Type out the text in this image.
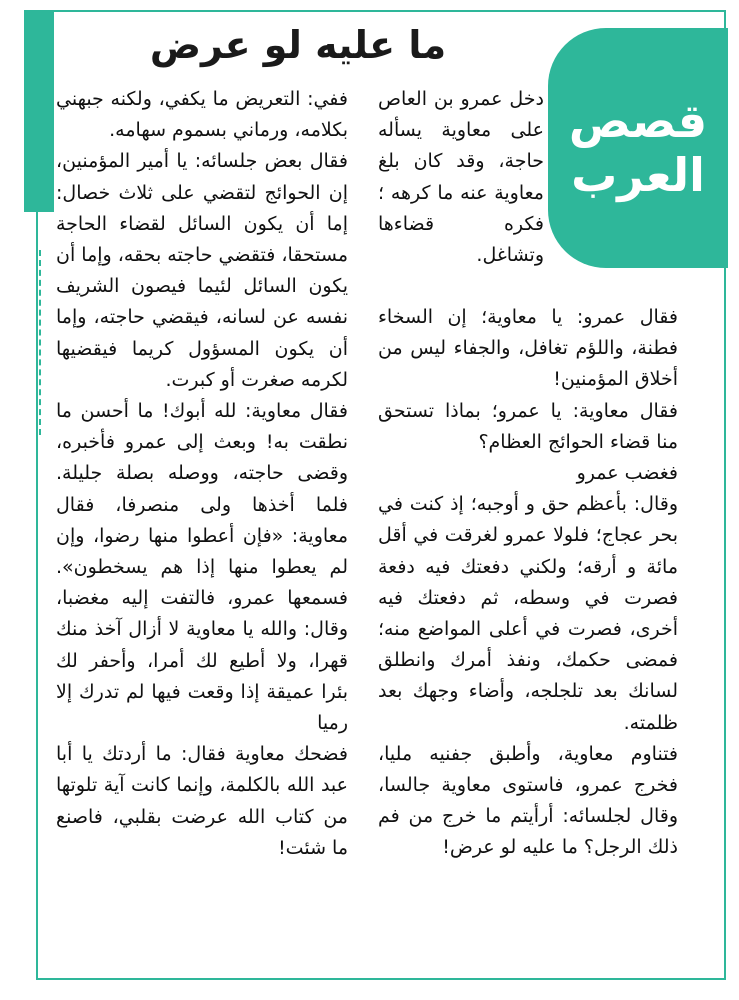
ما عليه لو عرض
قصص
العرب

دخل عمرو بن العاص على معاوية يسأله حاجة، وقد كان بلغ معاوية عنه ما كرهه ؛ فكره قضاءها وتشاغل.

فقال عمرو: يا معاوية؛ إن السخاء فطنة، واللؤم تغافل، والجفاء ليس من أخلاق المؤمنين!

فقال معاوية: يا عمرو؛ بماذا تستحق منا قضاء الحوائج العظام؟

فغضب عمرو

وقال: بأعظم حق و أوجبه؛ إذ كنت في بحر عجاج؛ فلولا عمرو لغرقت في أقل مائة و أرقه؛ ولكني دفعتك فيه دفعة فصرت في وسطه، ثم دفعتك فيه أخرى، فصرت في أعلى المواضع منه؛ فمضى حكمك، ونفذ أمرك وانطلق لسانك بعد تلجلجه، وأضاء وجهك بعد ظلمته.

فتناوم معاوية، وأطبق جفنيه مليا، فخرج عمرو، فاستوى معاوية جالسا، وقال لجلسائه: أرأيتم ما خرج من فم ذلك الرجل؟ ما عليه لو عرض!

ففي: التعريض ما يكفي، ولكنه جبهني بكلامه، ورماني بسموم سهامه.

فقال بعض جلسائه: يا أمير المؤمنين، إن الحوائج لتقضي على ثلاث خصال: إما أن يكون السائل لقضاء الحاجة مستحقا، فتقضي حاجته بحقه، وإما أن يكون السائل لئيما فيصون الشريف نفسه عن لسانه، فيقضي حاجته، وإما أن يكون المسؤول كريما فيقضيها لكرمه صغرت أو كبرت.

فقال معاوية: لله أبوك! ما أحسن ما نطقت به! وبعث إلى عمرو فأخبره، وقضى حاجته، ووصله بصلة جليلة. فلما أخذها ولى منصرفا، فقال معاوية: «فإن أعطوا منها رضوا، وإن لم يعطوا منها إذا هم يسخطون». فسمعها عمرو، فالتفت إليه مغضبا، وقال: والله يا معاوية لا أزال آخذ منك قهرا، ولا أطيع لك أمرا، وأحفر لك بئرا عميقة إذا وقعت فيها لم تدرك إلا رميا

فضحك معاوية فقال: ما أردتك يا أبا عبد الله بالكلمة، وإنما كانت آية تلوتها من كتاب الله عرضت بقلبي، فاصنع ما شئت!
